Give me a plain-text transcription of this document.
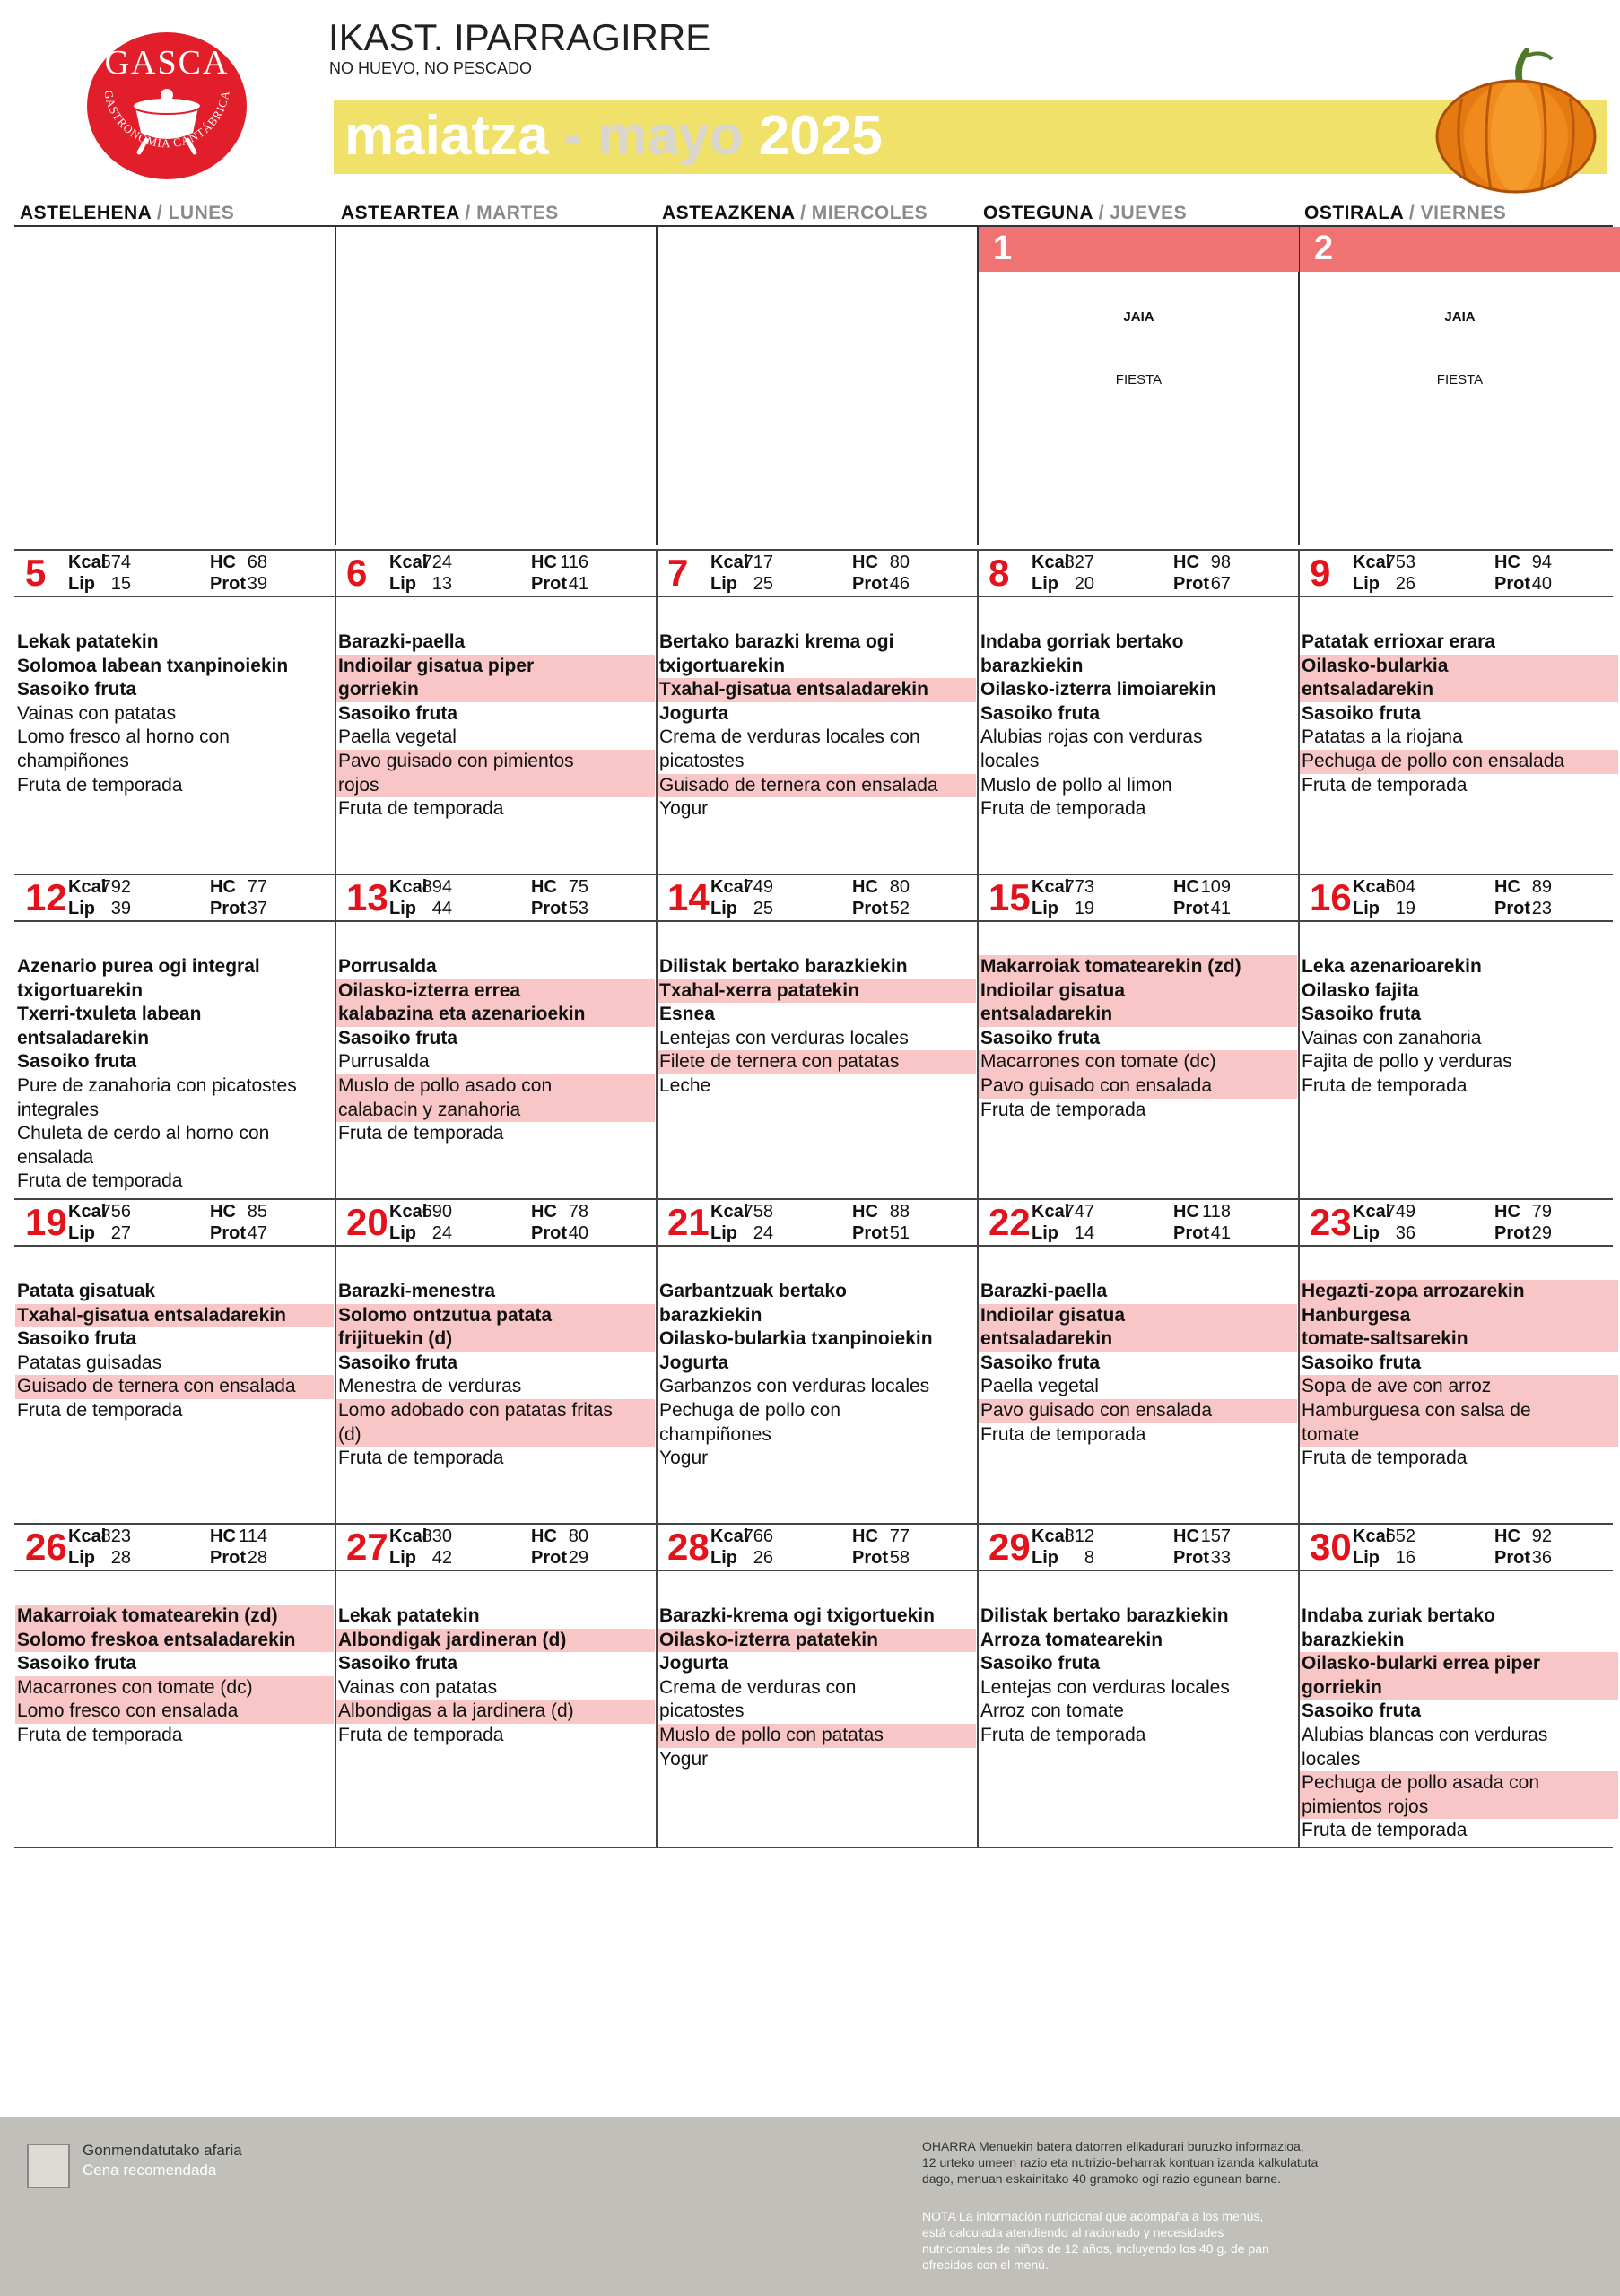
GASCA
GASTRONOMÍA CANTÁBRICA
IKAST. IPARRAGIRRE
NO HUEVO, NO PESCADO
maiatza - mayo 2025
ASTELEHENA / LUNES	ASTEARTEA / MARTES	ASTEAZKENA / MIERCOLES	OSTEGUNA / JUEVES	OSTIRALA / VIERNES
1
JAIA
FIESTA
2
JAIA
FIESTA
5 Kcal
574	HC 68
Lip 15	Prot 39
Lekak patatekin
Solomoa labean txanpinoiekin
Sasoiko fruta
Vainas con patatas
Lomo fresco al horno con
champiñones
Fruta de temporada
6 Kcal
724	HC 116
Lip 13	Prot 41
Barazki-paella
Indioilar gisatua piper
gorriekin
Sasoiko fruta
Paella vegetal
Pavo guisado con pimientos
rojos
Fruta de temporada
7 Kcal
717	HC 80
Lip 25	Prot 46
Bertako barazki krema ogi
txigortuarekin
Txahal-gisatua entsaladarekin
Jogurta
Crema de verduras locales con
picatostes
Guisado de ternera con ensalada
Yogur
8 Kcal
827	HC 98
Lip 20	Prot 67
Indaba gorriak bertako
barazkiekin
Oilasko-izterra limoiarekin
Sasoiko fruta
Alubias rojas con verduras
locales
Muslo de pollo al limon
Fruta de temporada
9 Kcal
753	HC 94
Lip 26	Prot 40
Patatak errioxar erara
Oilasko-bularkia
entsaladarekin
Sasoiko fruta
Patatas a la riojana
Pechuga de pollo con ensalada
Fruta de temporada
12 Kcal
792	HC 77
Lip 39	Prot 37
Azenario purea ogi integral
txigortuarekin
Txerri-txuleta labean
entsaladarekin
Sasoiko fruta
Pure de zanahoria con picatostes
integrales
Chuleta de cerdo al horno con
ensalada
Fruta de temporada
13 Kcal
894	HC 75
Lip 44	Prot 53
Porrusalda
Oilasko-izterra errea
kalabazina eta azenarioekin
Sasoiko fruta
Purrusalda
Muslo de pollo asado con
calabacin y zanahoria
Fruta de temporada
14 Kcal
749	HC 80
Lip 25	Prot 52
Dilistak bertako barazkiekin
Txahal-xerra patatekin
Esnea
Lentejas con verduras locales
Filete de ternera con patatas
Leche
15 Kcal
773	HC 109
Lip 19	Prot 41
Makarroiak tomatearekin (zd)
Indioilar gisatua
entsaladarekin
Sasoiko fruta
Macarrones con tomate (dc)
Pavo guisado con ensalada
Fruta de temporada
16 Kcal
604	HC 89
Lip 19	Prot 23
Leka azenarioarekin
Oilasko fajita
Sasoiko fruta
Vainas con zanahoria
Fajita de pollo y verduras
Fruta de temporada
19 Kcal
756	HC 85
Lip 27	Prot 47
Patata gisatuak
Txahal-gisatua entsaladarekin
Sasoiko fruta
Patatas guisadas
Guisado de ternera con ensalada
Fruta de temporada
20 Kcal
690	HC 78
Lip 24	Prot 40
Barazki-menestra
Solomo ontzutua patata
frijituekin (d)
Sasoiko fruta
Menestra de verduras
Lomo adobado con patatas fritas
(d)
Fruta de temporada
21 Kcal
758	HC 88
Lip 24	Prot 51
Garbantzuak bertako
barazkiekin
Oilasko-bularkia txanpinoiekin
Jogurta
Garbanzos con verduras locales
Pechuga de pollo con
champiñones
Yogur
22 Kcal
747	HC 118
Lip 14	Prot 41
Barazki-paella
Indioilar gisatua
entsaladarekin
Sasoiko fruta
Paella vegetal
Pavo guisado con ensalada
Fruta de temporada
23 Kcal
749	HC 79
Lip 36	Prot 29
Hegazti-zopa arrozarekin
Hanburgesa
tomate-saltsarekin
Sasoiko fruta
Sopa de ave con arroz
Hamburguesa con salsa de
tomate
Fruta de temporada
26 Kcal
823	HC 114
Lip 28	Prot 28
Makarroiak tomatearekin (zd)
Solomo freskoa entsaladarekin
Sasoiko fruta
Macarrones con tomate (dc)
Lomo fresco con ensalada
Fruta de temporada
27 Kcal
830	HC 80
Lip 42	Prot 29
Lekak patatekin
Albondigak jardineran (d)
Sasoiko fruta
Vainas con patatas
Albondigas a la jardinera (d)
Fruta de temporada
28 Kcal
766	HC 77
Lip 26	Prot 58
Barazki-krema ogi txigortuekin
Oilasko-izterra patatekin
Jogurta
Crema de verduras con
picatostes
Muslo de pollo con patatas
Yogur
29 Kcal
812	HC 157
Lip	8	Prot 33
Dilistak bertako barazkiekin
Arroza tomatearekin
Sasoiko fruta
Lentejas con verduras locales
Arroz con tomate
Fruta de temporada
30 Kcal
652	HC 92
Lip 16	Prot 36
Indaba zuriak bertako
barazkiekin
Oilasko-bularki errea piper
gorriekin
Sasoiko fruta
Alubias blancas con verduras
locales
Pechuga de pollo asada con
pimientos rojos
Fruta de temporada
Gonmendatutako afaria
Cena recomendada
OHARRA Menuekin batera datorren elikadurari buruzko informazioa,
12 urteko umeen razio eta nutrizio-beharrak kontuan izanda kalkulatuta
dago, menuan eskainitako 40 gramoko ogi razio egunean barne.
NOTA La información nutricional que acompaña a los menús,
está calculada atendiendo al racionado y necesidades
nutricionales de niños de 12 años, incluyendo los 40 g. de pan
ofrecidos con el menú.
